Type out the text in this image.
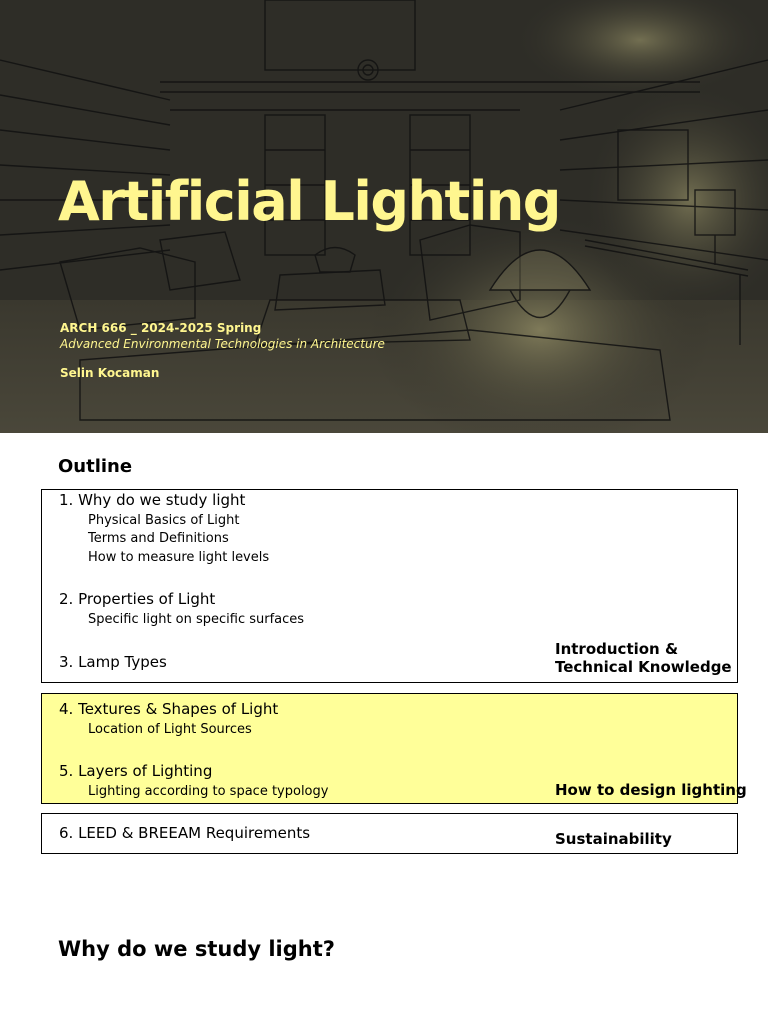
Artificial Lighting
ARCH 666 _ 2024-2025 Spring
Advanced Environmental Technologies in Architecture
Selin Kocaman
Outline
1. Why do we study light
Physical Basics of Light
Terms and Definitions
How to measure light levels
2. Properties of Light
Specific light on specific surfaces
3. Lamp Types
Introduction &
Technical Knowledge
4. Textures & Shapes of Light
Location of Light Sources
5. Layers of Lighting
Lighting according to space typology	How to design lighting
6. LEED & BREEAM Requirements	Sustainability
Why do we study light?
